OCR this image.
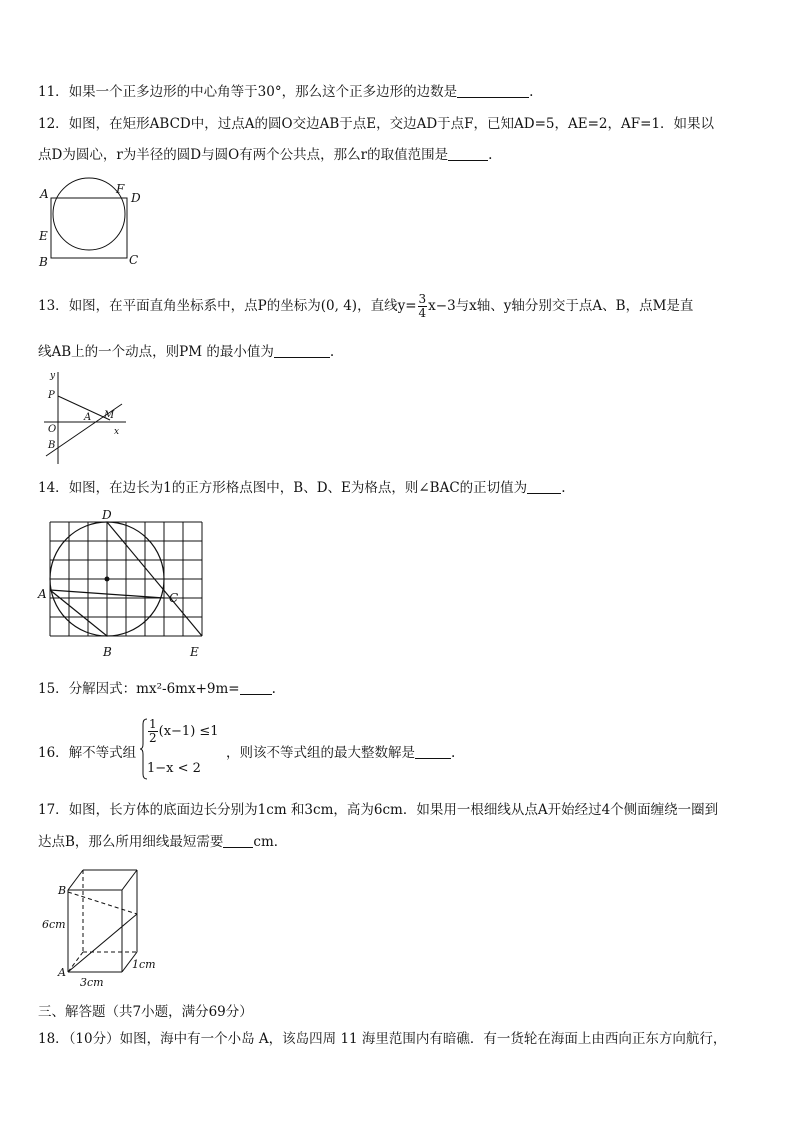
11．如果一个正多边形的中心角等于30°，那么这个正多边形的边数是	.
12．如图，在矩形ABCD中，过点A的圆O交边AB于点E，交边AD于点F，已知AD=5，AE=2，AF=1．如果以
点D为圆心，r为半径的圆D与圆O有两个公共点，那么r的取值范围是	.
A	F
D
E
B	C
13．如图，在平面直角坐标系中，点P的坐标为(0, 4)，直线$y= \frac{3}{4} x-3$与x轴、y轴分别交于点A、B，点M是直
线AB上的一个动点，则PM 的最小值为	.
y
P
A M
O	x
B
14．如图，在边长为1的正方形格点图中，B、D、E为格点，则∠BAC的正切值为	.
D
A	C
B	E
15．分解因式：mx²-6mx+9m= .
16．解不等式组
$\frac{1}{2} (x-1) \le 1$
1−x < 2
，则该不等式组的最大整数解是	.
17．如图，长方体的底面边长分别为1cm 和3cm，高为6cm．如果用一根细线从点A开始经过4个侧面缠绕一圈到
达点B，那么所用细线最短需要 cm．
B
6cm
A
3cm
1cm
三、解答题（共7小题，满分69分）
18．（10分）如图，海中有一个小岛 A，该岛四周 11 海里范围内有暗礁．有一货轮在海面上由西向正东方向航行，
